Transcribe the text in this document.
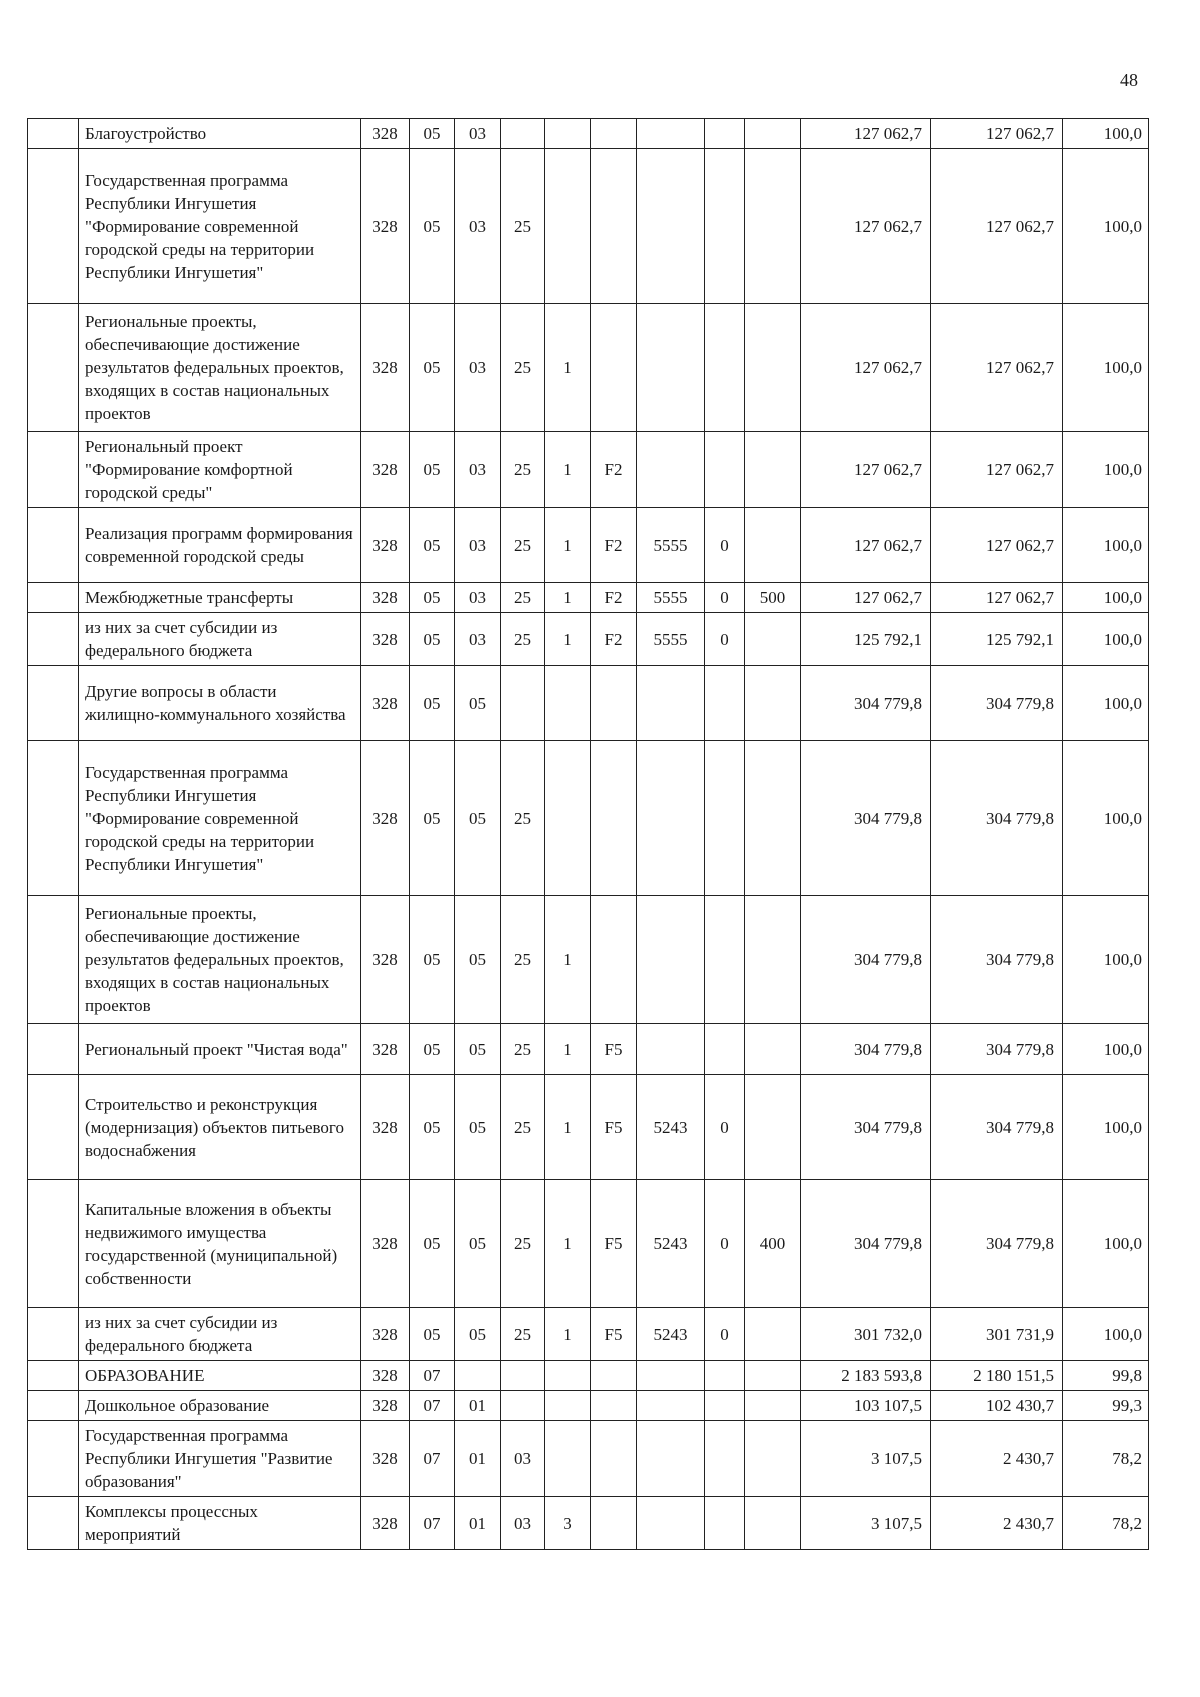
48
	Благоустройство	328	05	03							127 062,7	127 062,7	100,0
	Государственная программа Республики Ингушетия "Формирование современной городской среды на территории Республики Ингушетия"	328	05	03	25						127 062,7	127 062,7	100,0
	Региональные проекты, обеспечивающие достижение результатов федеральных проектов, входящих в состав национальных проектов	328	05	03	25	1					127 062,7	127 062,7	100,0
	Региональный проект "Формирование комфортной городской среды"	328	05	03	25	1	F2				127 062,7	127 062,7	100,0
	Реализация программ формирования современной городской среды	328	05	03	25	1	F2	5555	0		127 062,7	127 062,7	100,0
	Межбюджетные трансферты	328	05	03	25	1	F2	5555	0	500	127 062,7	127 062,7	100,0
	из них за счет субсидии из федерального бюджета	328	05	03	25	1	F2	5555	0		125 792,1	125 792,1	100,0
	Другие вопросы в области жилищно-коммунального хозяйства	328	05	05							304 779,8	304 779,8	100,0
	Государственная программа Республики Ингушетия "Формирование современной городской среды на территории Республики Ингушетия"	328	05	05	25						304 779,8	304 779,8	100,0
	Региональные проекты, обеспечивающие достижение результатов федеральных проектов, входящих в состав национальных проектов	328	05	05	25	1					304 779,8	304 779,8	100,0
	Региональный проект "Чистая вода"	328	05	05	25	1	F5				304 779,8	304 779,8	100,0
	Строительство и реконструкция (модернизация) объектов питьевого водоснабжения	328	05	05	25	1	F5	5243	0		304 779,8	304 779,8	100,0
	Капитальные вложения в объекты недвижимого имущества государственной (муниципальной) собственности	328	05	05	25	1	F5	5243	0	400	304 779,8	304 779,8	100,0
	из них за счет субсидии из федерального бюджета	328	05	05	25	1	F5	5243	0		301 732,0	301 731,9	100,0
	ОБРАЗОВАНИЕ	328	07								2 183 593,8	2 180 151,5	99,8
	Дошкольное образование	328	07	01							103 107,5	102 430,7	99,3
	Государственная программа Республики Ингушетия "Развитие образования"	328	07	01	03						3 107,5	2 430,7	78,2
	Комплексы процессных мероприятий	328	07	01	03	3					3 107,5	2 430,7	78,2
